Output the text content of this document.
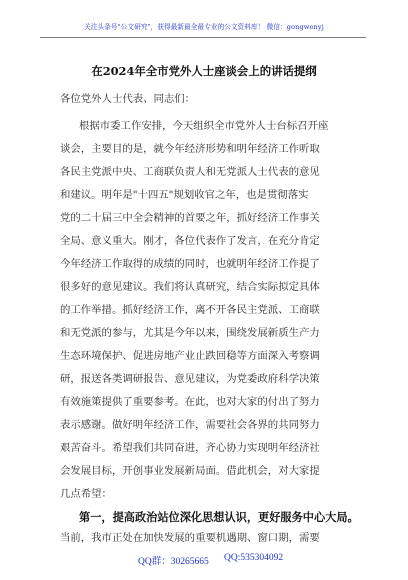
关注头条号"公文研究"，获得最新最全最专业的公文资料库！ 微信：gongwenyj
在2024年全市党外人士座谈会上的讲话提纲
各位党外人士代表、同志们：
根据市委工作安排，今天组织全市党外人士台标召开座
谈会，主要目的是，就今年经济形势和明年经济工作听取
各民主党派中央、工商联负责人和无党派人士代表的意见
和建议。明年是"十四五"规划收官之年，也是贯彻落实
党的二十届三中全会精神的首要之年，抓好经济工作事关
全局、意义重大。刚才，各位代表作了发言，在充分肯定
今年经济工作取得的成绩的同时，也就明年经济工作提了
很多好的意见建议。我们将认真研究，结合实际拟定具体
的工作举措。抓好经济工作，离不开各民主党派、工商联
和无党派的参与，尤其是今年以来，围绕发展新质生产力
生态环境保护、促进房地产业止跌回稳等方面深入考察调
研，报送各类调研报告、意见建议，为党委政府科学决策
有效施策提供了重要参考。在此，也对大家的付出了努力
表示感谢。做好明年经济工作，需要社会各界的共同努力
艰苦奋斗。希望我们共同奋进，齐心协力实现明年经济社
会发展目标，开创事业发展新局面。借此机会，对大家提
几点希望：
第一，提高政治站位深化思想认识，更好服务中心大局。
当前，我市正处在加快发展的重要机遇期、窗口期，需要
QQ群：30265665 QQ:535304092
